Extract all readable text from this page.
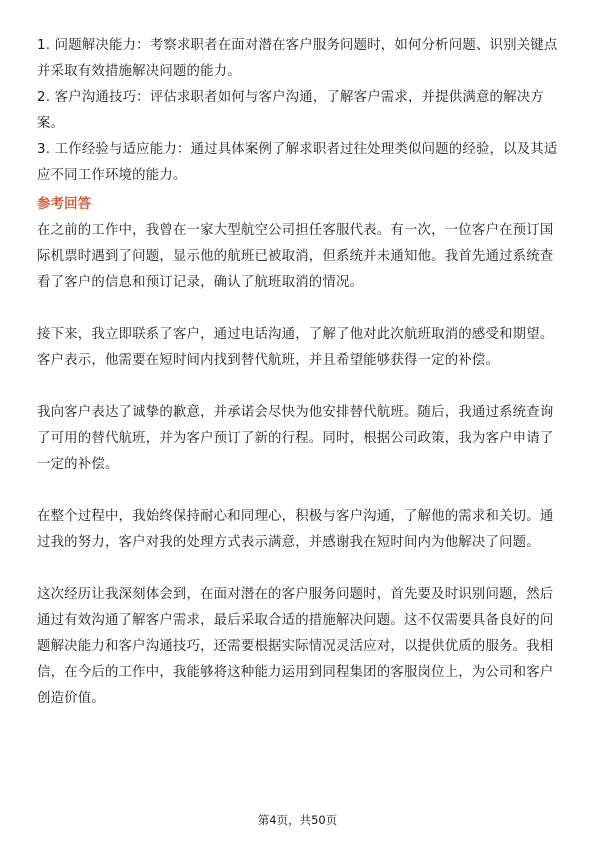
1. 问题解决能力：考察求职者在面对潜在客户服务问题时，如何分析问题、识别关键点并采取有效措施解决问题的能力。

2. 客户沟通技巧：评估求职者如何与客户沟通，了解客户需求，并提供满意的解决方案。

3. 工作经验与适应能力：通过具体案例了解求职者过往处理类似问题的经验，以及其适应不同工作环境的能力。

参考回答

在之前的工作中，我曾在一家大型航空公司担任客服代表。有一次，一位客户在预订国际机票时遇到了问题，显示他的航班已被取消，但系统并未通知他。我首先通过系统查看了客户的信息和预订记录，确认了航班取消的情况。

接下来，我立即联系了客户，通过电话沟通，了解了他对此次航班取消的感受和期望。客户表示，他需要在短时间内找到替代航班，并且希望能够获得一定的补偿。

我向客户表达了诚挚的歉意，并承诺会尽快为他安排替代航班。随后，我通过系统查询了可用的替代航班，并为客户预订了新的行程。同时，根据公司政策，我为客户申请了一定的补偿。

在整个过程中，我始终保持耐心和同理心，积极与客户沟通，了解他的需求和关切。通过我的努力，客户对我的处理方式表示满意，并感谢我在短时间内为他解决了问题。

这次经历让我深刻体会到，在面对潜在的客户服务问题时，首先要及时识别问题，然后通过有效沟通了解客户需求，最后采取合适的措施解决问题。这不仅需要具备良好的问题解决能力和客户沟通技巧，还需要根据实际情况灵活应对，以提供优质的服务。我相信，在今后的工作中，我能够将这种能力运用到同程集团的客服岗位上，为公司和客户创造价值。

第4页，共50页
